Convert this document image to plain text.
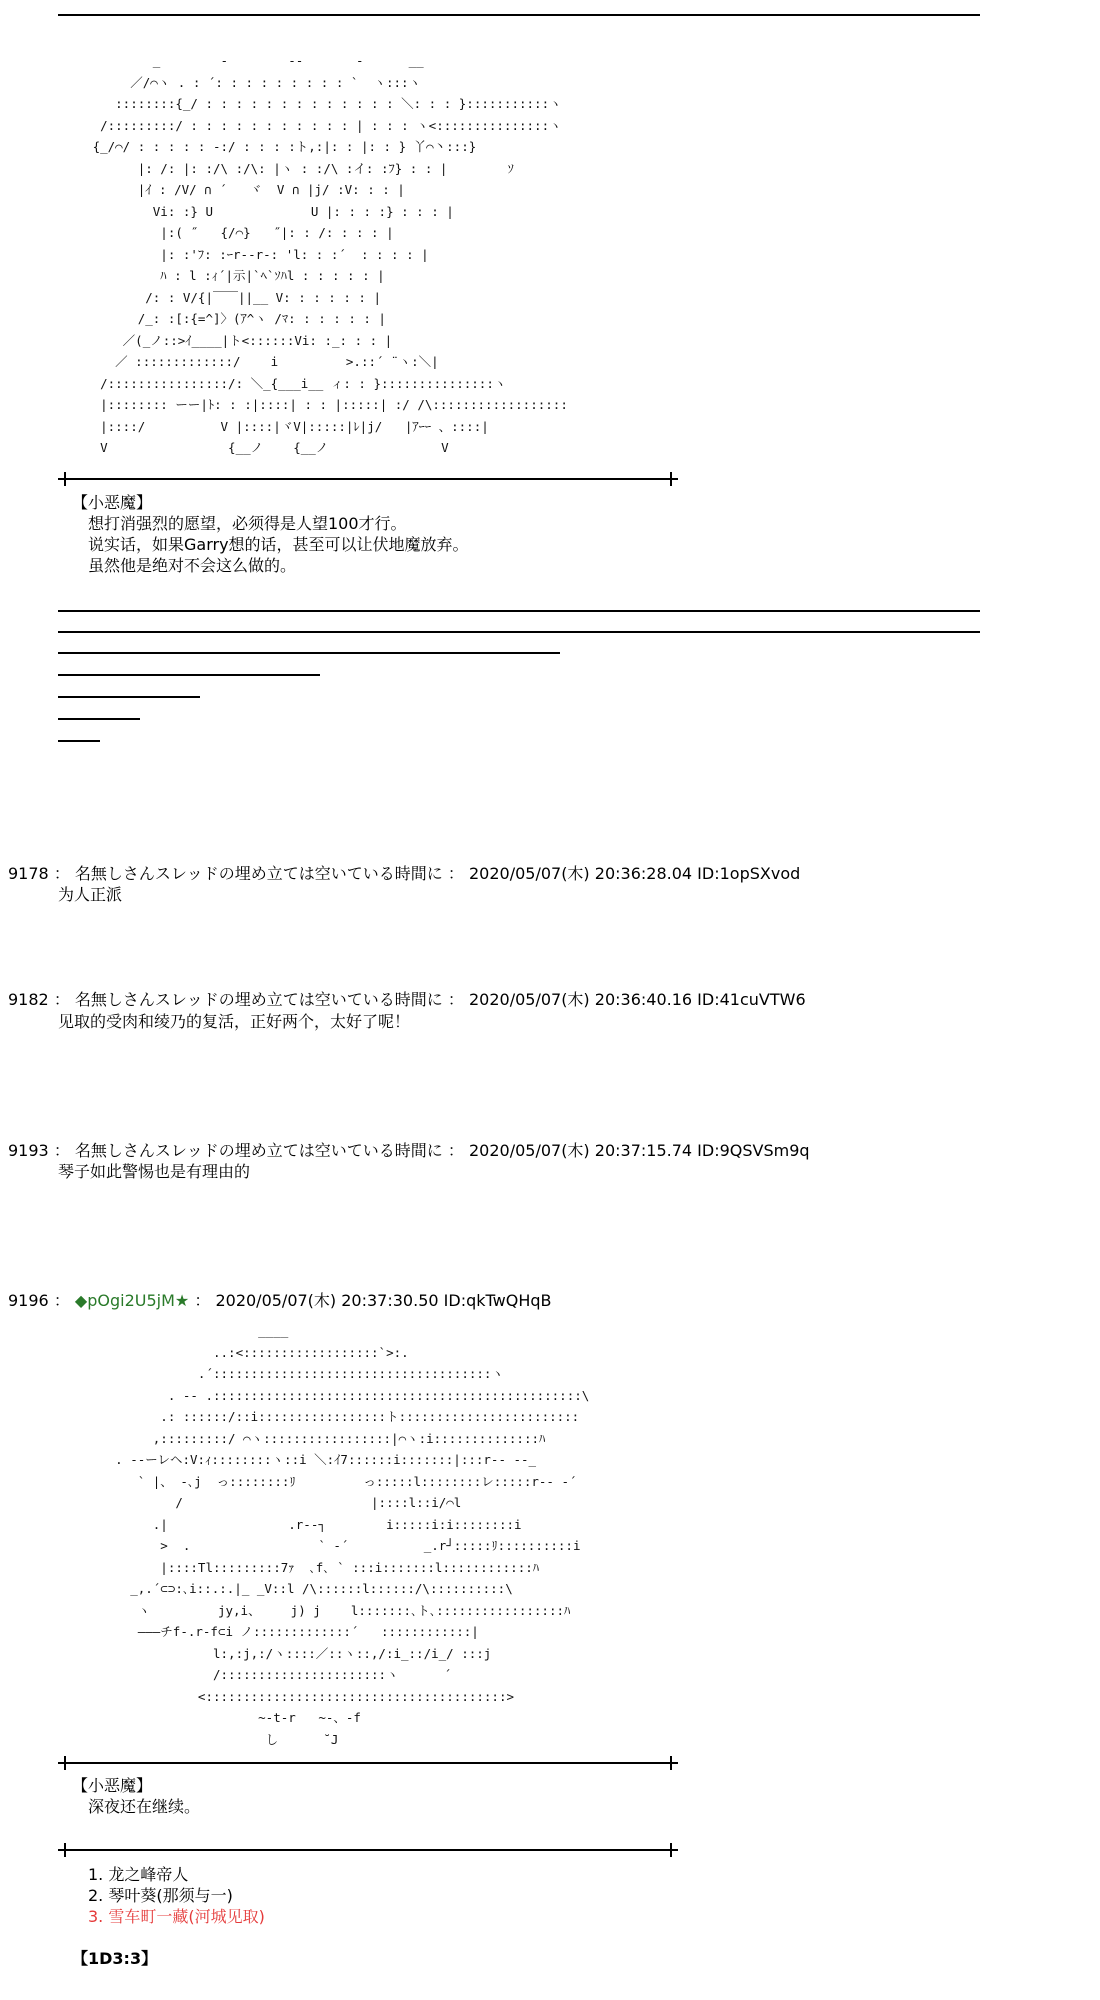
_        -        --       -      __
／/⌒ヽ . : ´: : : : : : : : : `  ヽ:::ヽ
::::::::{_/ : : : : : : : : : : : : : ＼: : : }:::::::::::ヽ
/:::::::::/ : : : : : : : : : : : | : : : ヽ<:::::::::::::::ヽ
{_/⌒/ : : : : : -:/ : : : :ト,:|: : |: : } 丫⌒丶:::}
|: /: |: :/\ :/\: |ヽ : :/\ :イ: :ﾌ} : : |        ｿ
|ｲ : /V/ ∩ ´   ヾ  V ∩ |j/ :V: : : |
Vi: :} U             U |: : : :} : : : |
|:( ˝   {/⌒}   ˝|: : /: : : : |
|: :'ﾌ: :ｰr--r-: 'l: : :´  : : : : |
ﾊ : l :ｨ´|示|`ﾍ`ｿﾊl : : : : : |
/: : V/{|￣￣||__ V: : : : : : |
/_: :[:{=^]〉(ｱ^ヽ /ﾏ: : : : : : |
／(_ノ::>ｲ____|ト<::::::Vi: :_: : : |
／ :::::::::::::/    i         >.::´ ¨ヽ:＼|
/::::::::::::::::/: ＼_{___i__ ィ: : }:::::::::::::::ヽ
|:::::::: ーー|ﾄ: : :|::::| : : |:::::| :/ /\::::::::::::::::::
|::::/          V |::::|ヾV|:::::|ﾚ|j/   |ｱｰｰ 、::::|
V                {__ノ    {__ノ               V
【小恶魔】
想打消强烈的愿望，必须得是人望100才行。
说实话，如果Garry想的话，甚至可以让伏地魔放弃。
虽然他是绝对不会这么做的。
9178 ： 名無しさんスレッドの埋め立ては空いている時間に ： 2020/05/07(木) 20:36:28.04 ID:1opSXvod
为人正派
9182 ： 名無しさんスレッドの埋め立ては空いている時間に ： 2020/05/07(木) 20:36:40.16 ID:41cuVTW6
见取的受肉和绫乃的复活，正好两个，太好了呢！
9193 ： 名無しさんスレッドの埋め立ては空いている時間に ： 2020/05/07(木) 20:37:15.74 ID:9QSVSm9q
琴子如此警惕也是有理由的
9196 ： ◆pOgi2U5jM★ ： 2020/05/07(木) 20:37:30.50 ID:qkTwQHqB
____
..:<::::::::::::::::::`>:.
.´:::::::::::::::::::::::::::::::::::::ヽ
. -‐ .:::::::::::::::::::::::::::::::::::::::::::::::::\
.: ::::::/::i:::::::::::::::::ト::::::::::::::::::::::::
,:::::::::/ ⌒ヽ:::::::::::::::::|⌒ヽ:i::::::::::::::ﾊ
. -‐ーレヘ:V:ｨ::::::::ヽ::i ＼:ｲ7::::::i:::::::|:::r‐‐ ‐-_
` |、 ‐､j  っ::::::::ﾘ         っ:::::l::::::::レ:::::r‐‐ ‐´
/                         |::::l::i/⌒l
.|                .r‐‐┐        i:::::i:i::::::::i
>  .                 ` ‐´          _.r┘:::::ﾘ::::::::::i
|::::Tl:::::::::7ｧ  ､f､ ` :::i:::::::l::::::::::::ﾊ
_,.´⊂⊃:､i::.:.|_ _V::l /\::::::l::::::/\::::::::::\
ヽ         jy,i、    j) j    l:::::::､ト､:::::::::::::::::ﾊ
―――チf‐.r‐f⊂i ノ:::::::::::::´   ::::::::::::|
l:,:j,:/ヽ::::／::ヽ::,/:i_::/i_/ :::j
/::::::::::::::::::::::ヽ      ´
<::::::::::::::::::::::::::::::::::::::::>
~-t-r   ~-、-f
し      ˘J
【小恶魔】
深夜还在继续。
1. 龙之峰帝人
2. 琴叶葵(那须与一)
3. 雪车町一藏(河城见取)
【1D3:3】
